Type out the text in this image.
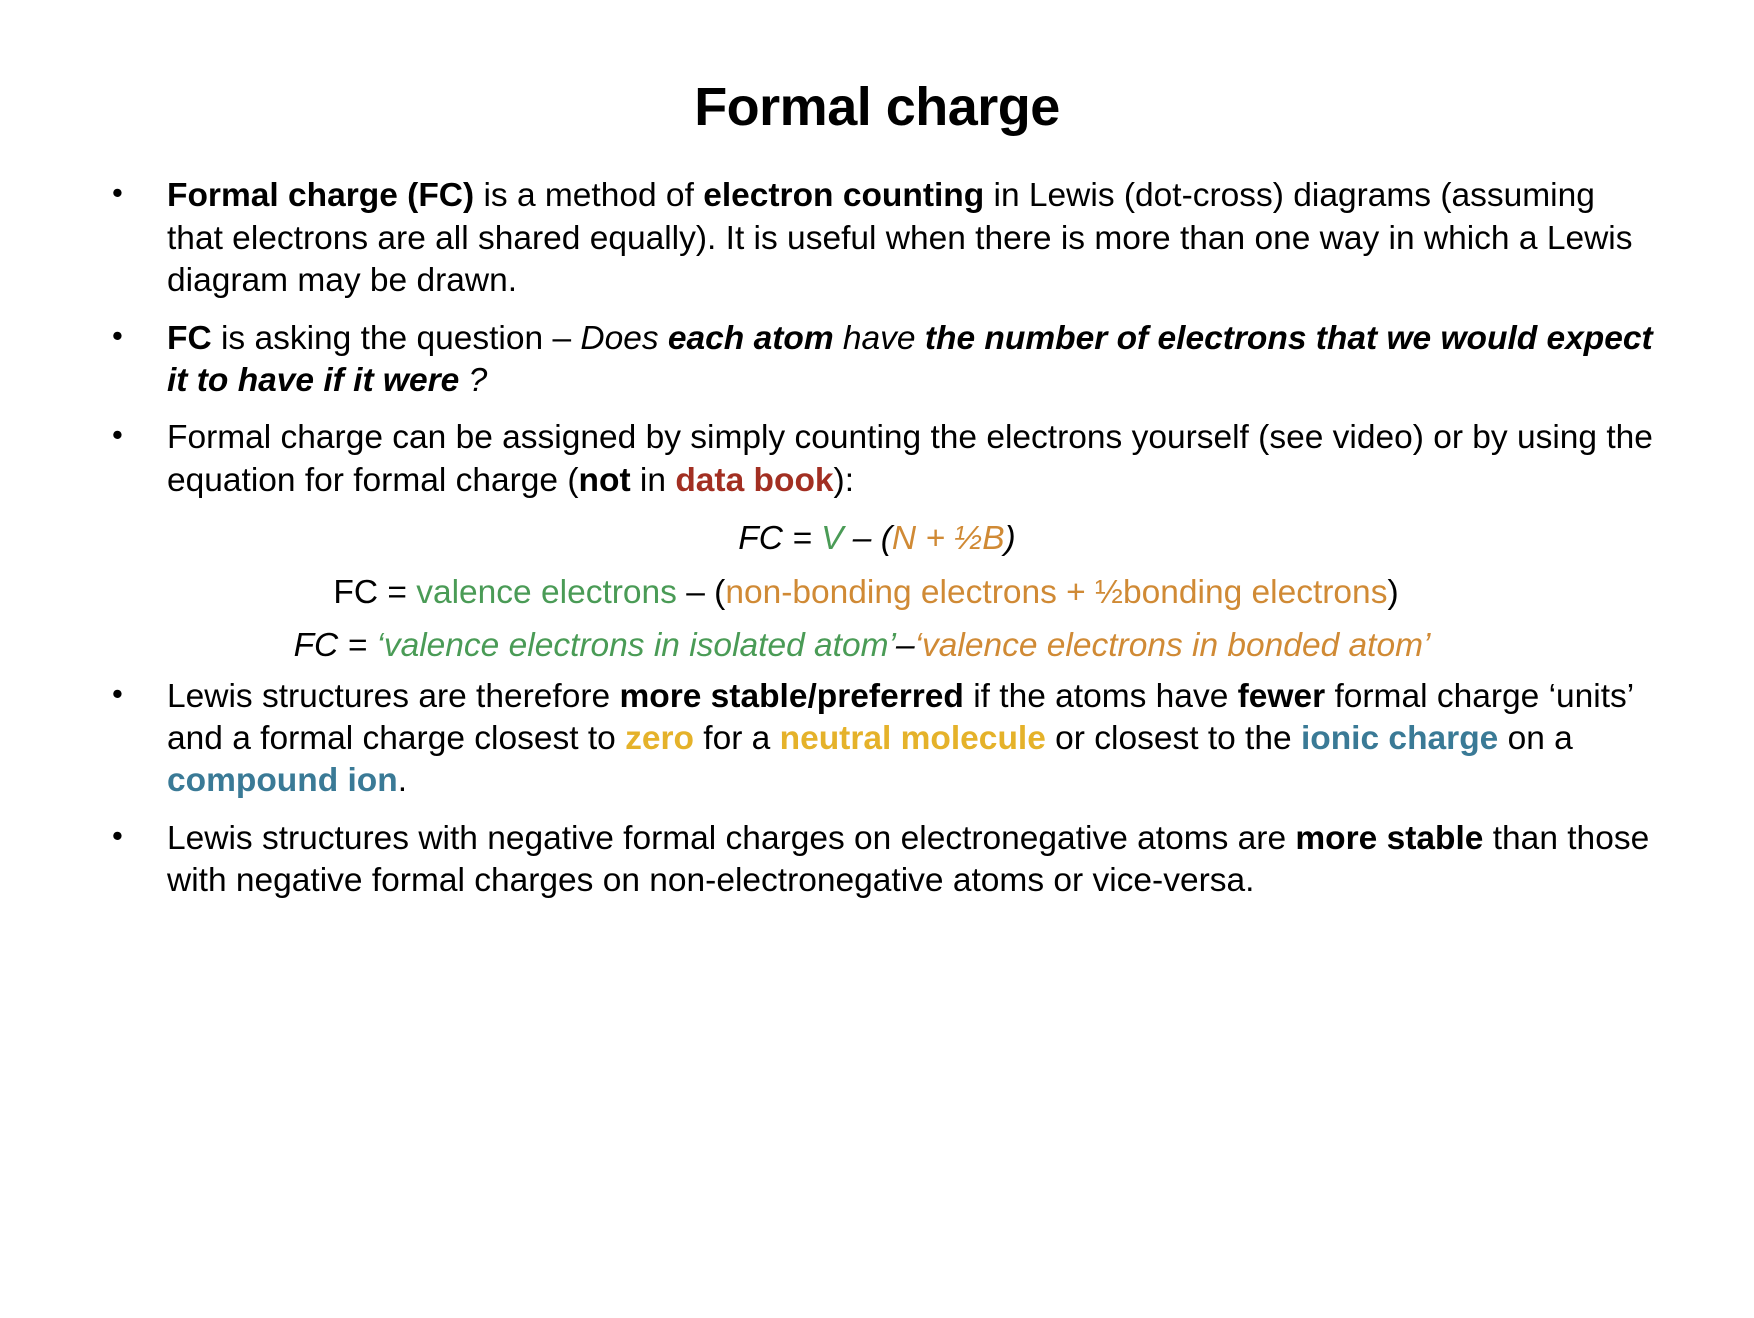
Formal charge
• Formal charge (FC) is a method of electron counting in Lewis (dot-cross) diagrams (assuming that electrons are all shared equally). It is useful when there is more than one way in which a Lewis diagram may be drawn.
• FC is asking the question – Does each atom have the number of electrons that we would expect it to have if it were ?
• Formal charge can be assigned by simply counting the electrons yourself (see video) or by using the equation for formal charge (not in data book):
FC = V – (N + ½B)
FC = valence electrons – (non-bonding electrons + ½bonding electrons)
FC = ‘valence electrons in isolated atom’–‘valence electrons in bonded atom’
• Lewis structures are therefore more stable/preferred if the atoms have fewer formal charge ‘units’ and a formal charge closest to zero for a neutral molecule or closest to the ionic charge on a compound ion.
• Lewis structures with negative formal charges on electronegative atoms are more stable than those with negative formal charges on non-electronegative atoms or vice-versa.
